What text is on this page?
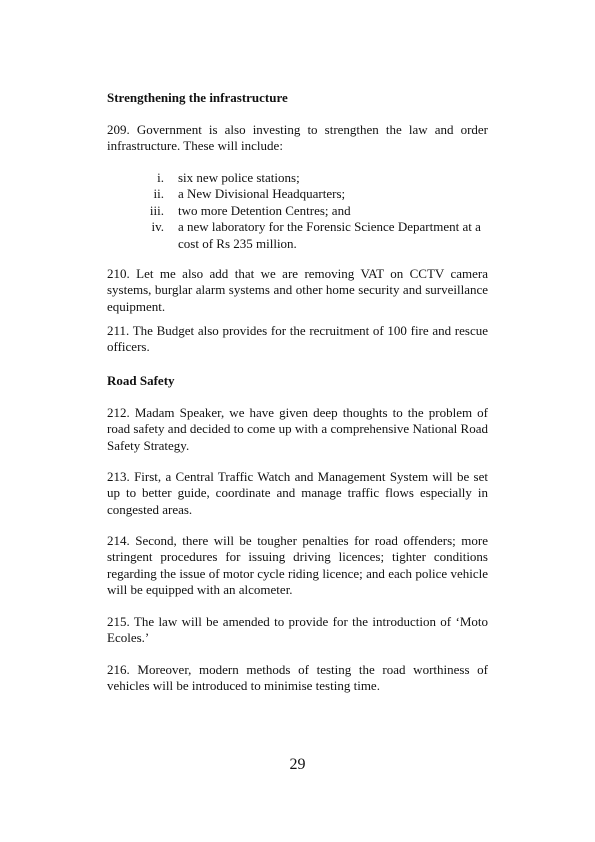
Strengthening the infrastructure

209. Government is also investing to strengthen the law and order infrastructure. These will include:

i. six new police stations;
ii. a New Divisional Headquarters;
iii. two more Detention Centres; and
iv. a new laboratory for the Forensic Science Department at a cost of Rs 235 million.

210. Let me also add that we are removing VAT on CCTV camera systems, burglar alarm systems and other home security and surveillance equipment.

211. The Budget also provides for the recruitment of 100 fire and rescue officers.

Road Safety

212. Madam Speaker, we have given deep thoughts to the problem of road safety and decided to come up with a comprehensive National Road Safety Strategy.

213. First, a Central Traffic Watch and Management System will be set up to better guide, coordinate and manage traffic flows especially in congested areas.

214. Second, there will be tougher penalties for road offenders; more stringent procedures for issuing driving licences; tighter conditions regarding the issue of motor cycle riding licence; and each police vehicle will be equipped with an alcometer.

215. The law will be amended to provide for the introduction of ‘Moto Ecoles.’

216. Moreover, modern methods of testing the road worthiness of vehicles will be introduced to minimise testing time.

29
